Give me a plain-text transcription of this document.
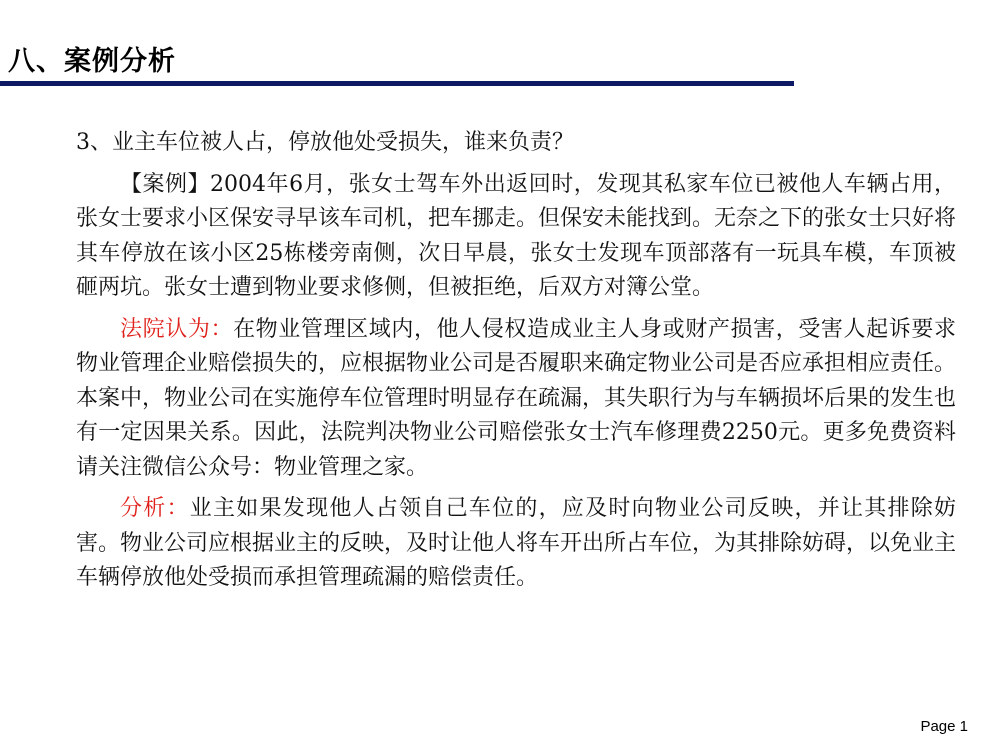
八、案例分析

3、业主车位被人占，停放他处受损失，谁来负责？

【案例】2004年6月，张女士驾车外出返回时，发现其私家车位已被他人车辆占用，张女士要求小区保安寻早该车司机，把车挪走。但保安未能找到。无奈之下的张女士只好将其车停放在该小区25栋楼旁南侧，次日早晨，张女士发现车顶部落有一玩具车模，车顶被砸两坑。张女士遭到物业要求修侧，但被拒绝，后双方对簿公堂。

法院认为：在物业管理区域内，他人侵权造成业主人身或财产损害，受害人起诉要求物业管理企业赔偿损失的，应根据物业公司是否履职来确定物业公司是否应承担相应责任。本案中，物业公司在实施停车位管理时明显存在疏漏，其失职行为与车辆损坏后果的发生也有一定因果关系。因此，法院判决物业公司赔偿张女士汽车修理费2250元。更多免费资料请关注微信公众号：物业管理之家。

分析：业主如果发现他人占领自己车位的，应及时向物业公司反映，并让其排除妨害。物业公司应根据业主的反映，及时让他人将车开出所占车位，为其排除妨碍，以免业主车辆停放他处受损而承担管理疏漏的赔偿责任。

Page 1
